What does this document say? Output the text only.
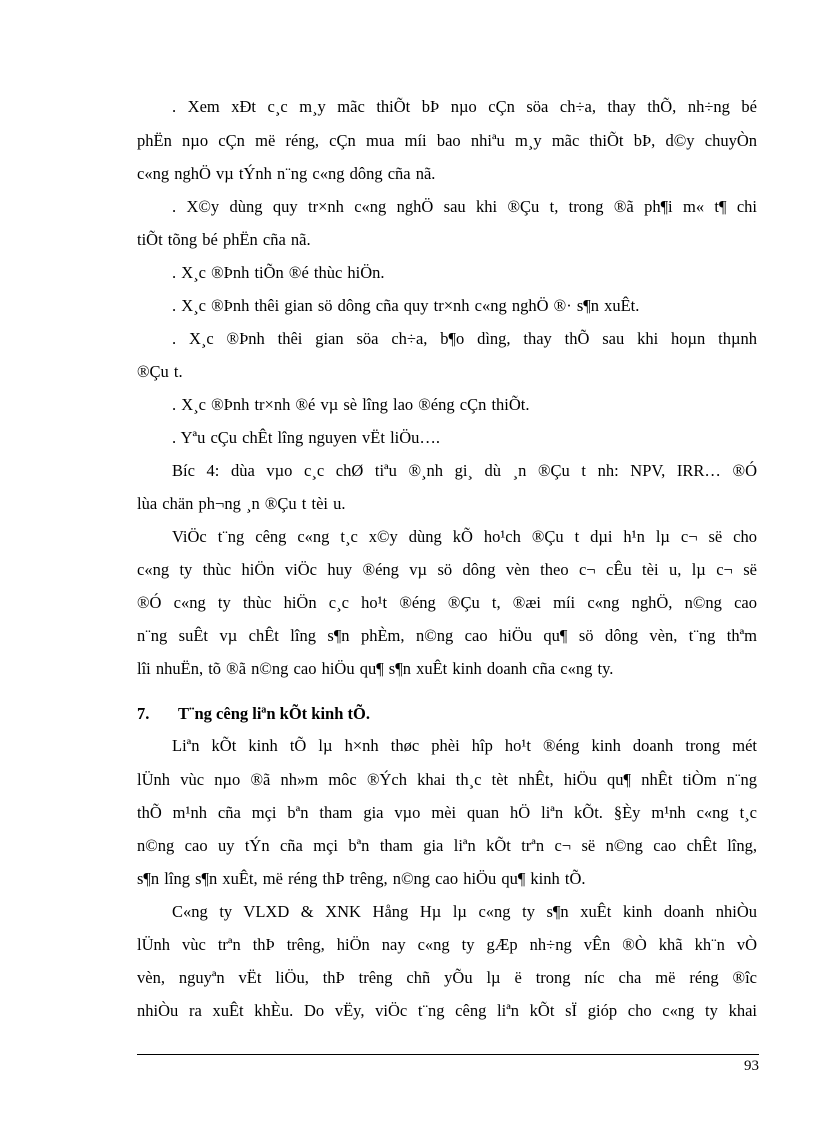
. Xem xÐt c¸c m¸y mãc thiÕt bÞ nµo cÇn söa ch÷a, thay thÕ, nh÷ng bé
phËn nµo cÇn më réng, cÇn mua míi bao nhiªu m¸y mãc thiÕt bÞ, d©y chuyÒn
c«ng nghÖ vµ tÝnh n¨ng c«ng dông cña nã.
. X©y dùng quy tr×nh c«ng nghÖ sau khi ®Çu t, trong ®ã ph¶i m« t¶ chi
tiÕt tõng bé phËn cña nã.
. X¸c ®Þnh tiÕn ®é thùc hiÖn.
. X¸c ®Þnh thêi gian sö dông cña quy tr×nh c«ng nghÖ ®· s¶n xuÊt.
. X¸c ®Þnh thêi gian söa ch÷a, b¶o dìng, thay thÕ sau khi hoµn thµnh
®Çu t.
. X¸c ®Þnh tr×nh ®é vµ sè lîng lao ®éng cÇn thiÕt.
. Yªu cÇu chÊt lîng nguyen vËt liÖu….
Bíc 4: dùa vµo c¸c chØ tiªu ®¸nh gi¸ dù ¸n ®Çu t nh: NPV, IRR… ®Ó
lùa chän ph¬ng ¸n ®Çu t tèi u.
ViÖc t¨ng cêng c«ng t¸c x©y dùng kÕ ho¹ch ®Çu t dµi h¹n lµ c¬ së cho
c«ng ty thùc hiÖn viÖc huy ®éng vµ sö dông vèn theo c¬ cÊu tèi u, lµ c¬ së
®Ó c«ng ty thùc hiÖn c¸c ho¹t ®éng ®Çu t, ®æi míi c«ng nghÖ, n©ng cao
n¨ng suÊt vµ chÊt lîng s¶n phÈm, n©ng cao hiÖu qu¶ sö dông vèn, t¨ng thªm
lîi nhuËn, tõ ®ã n©ng cao hiÖu qu¶ s¶n xuÊt kinh doanh cña c«ng ty.
7. T¨ng cêng liªn kÕt kinh tÕ.
Liªn kÕt kinh tÕ lµ h×nh thøc phèi hîp ho¹t ®éng kinh doanh trong mét
lÜnh vùc nµo ®ã nh»m môc ®Ých khai th¸c tèt nhÊt, hiÖu qu¶ nhÊt tiÒm n¨ng
thÕ m¹nh cña mçi bªn tham gia vµo mèi quan hÖ liªn kÕt. §Èy m¹nh c«ng t¸c
n©ng cao uy tÝn cña mçi bªn tham gia liªn kÕt trªn c¬ së n©ng cao chÊt lîng,
s¶n lîng s¶n xuÊt, më réng thÞ trêng, n©ng cao hiÖu qu¶ kinh tÕ.
C«ng ty VLXD & XNK Hång Hµ lµ c«ng ty s¶n xuÊt kinh doanh nhiÒu
lÜnh vùc trªn thÞ trêng, hiÖn nay c«ng ty gÆp nh÷ng vÊn ®Ò khã kh¨n vÒ
vèn, nguyªn vËt liÖu, thÞ trêng chñ yÕu lµ ë trong níc cha më réng ®îc
nhiÒu ra xuÊt khÈu. Do vËy, viÖc t¨ng cêng liªn kÕt sÏ gióp cho c«ng ty khai
93
